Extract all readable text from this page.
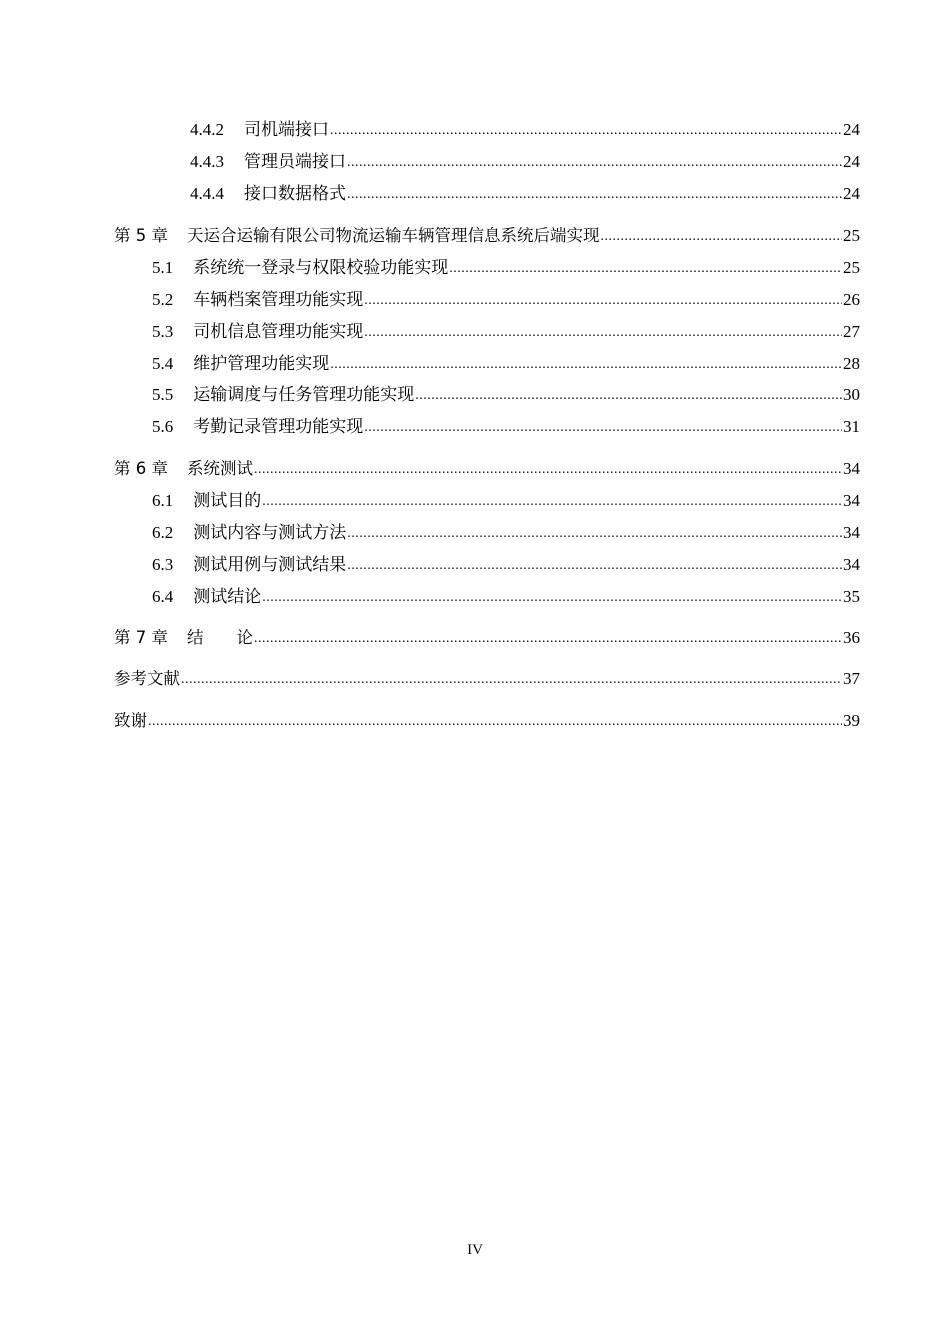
4.4.2 司机端接口 .....	24
4.4.3 管理员端接口 .....	24
4.4.4 接口数据格式 .....	24
第 5 章 天运合运输有限公司物流运输车辆管理信息系统后端实现 .....	25
5.1 系统统一登录与权限校验功能实现 .....	25
5.2 车辆档案管理功能实现 .....	26
5.3 司机信息管理功能实现 .....	27
5.4 维护管理功能实现 .....	28
5.5 运输调度与任务管理功能实现 .....	30
5.6 考勤记录管理功能实现 .....	31
第 6 章 系统测试 .....	34
6.1 测试目的 .....	34
6.2 测试内容与测试方法 .....	34
6.3 测试用例与测试结果 .....	34
6.4 测试结论 .....	35
第 7 章 结　　论 .....	36
参考文献 .....	37
致谢 .....	39
IV
